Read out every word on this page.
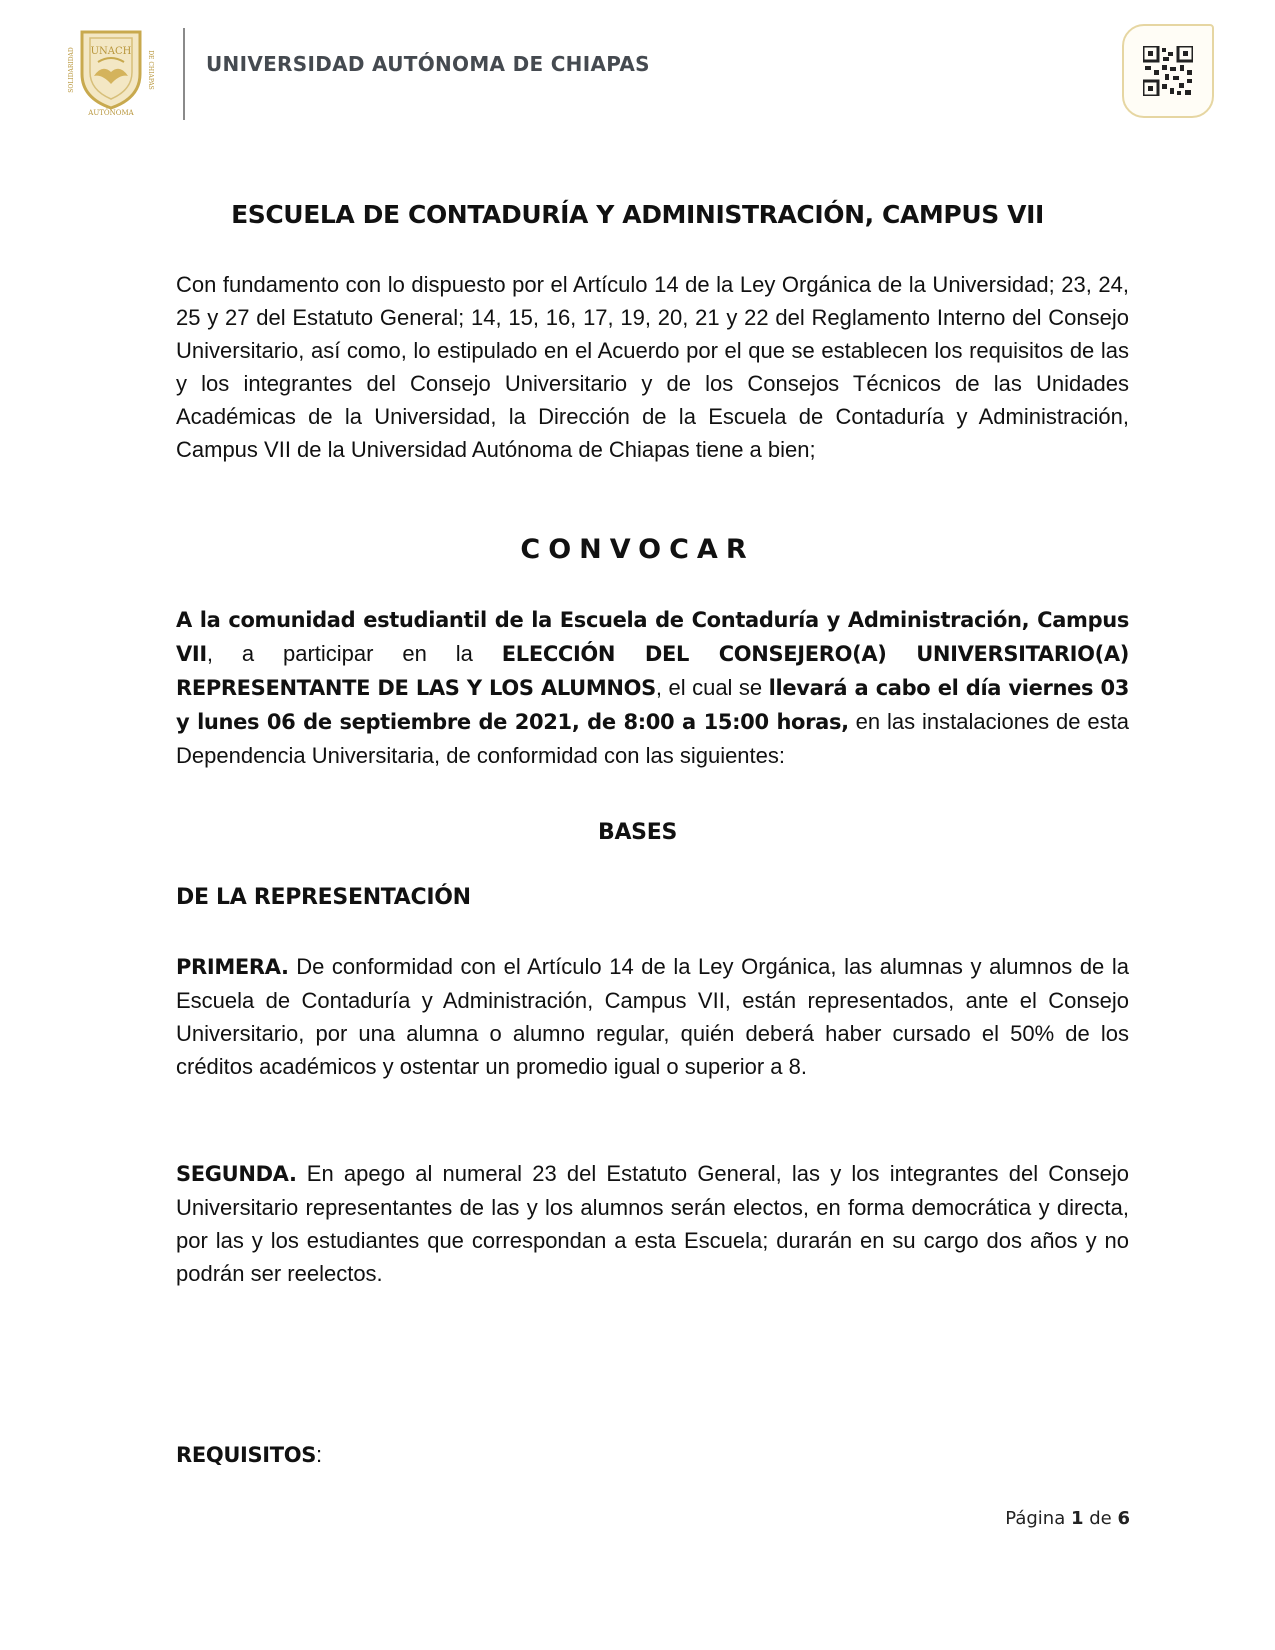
UNACH
AUTÓNOMA
SOLIDARIDAD	DE CHIAPAS	UNIVERSIDAD AUTÓNOMA DE CHIAPAS
ESCUELA DE CONTADURÍA Y ADMINISTRACIÓN, CAMPUS VII

Con fundamento con lo dispuesto por el Artículo 14 de la Ley Orgánica de la Universidad; 23, 24, 25 y 27 del Estatuto General; 14, 15, 16, 17, 19, 20, 21 y 22 del Reglamento Interno del Consejo Universitario, así como, lo estipulado en el Acuerdo por el que se establecen los requisitos de las y los integrantes del Consejo Universitario y de los Consejos Técnicos de las Unidades Académicas de la Universidad, la Dirección de la Escuela de Contaduría y Administración, Campus VII de la Universidad Autónoma de Chiapas tiene a bien;

CONVOCAR

A la comunidad estudiantil de la Escuela de Contaduría y Administración, Campus VII, a participar en la ELECCIÓN DEL CONSEJERO(A) UNIVERSITARIO(A) REPRESENTANTE DE LAS Y LOS ALUMNOS, el cual se llevará a cabo el día viernes 03 y lunes 06 de septiembre de 2021, de 8:00 a 15:00 horas, en las instalaciones de esta Dependencia Universitaria, de conformidad con las siguientes:

BASES
DE LA REPRESENTACIÓN

PRIMERA. De conformidad con el Artículo 14 de la Ley Orgánica, las alumnas y alumnos de la Escuela de Contaduría y Administración, Campus VII, están representados, ante el Consejo Universitario, por una alumna o alumno regular, quién deberá haber cursado el 50% de los créditos académicos y ostentar un promedio igual o superior a 8.

SEGUNDA. En apego al numeral 23 del Estatuto General, las y los integrantes del Consejo Universitario representantes de las y los alumnos serán electos, en forma democrática y directa, por las y los estudiantes que correspondan a esta Escuela; durarán en su cargo dos años y no podrán ser reelectos.

REQUISITOS:

Página 1 de 6
